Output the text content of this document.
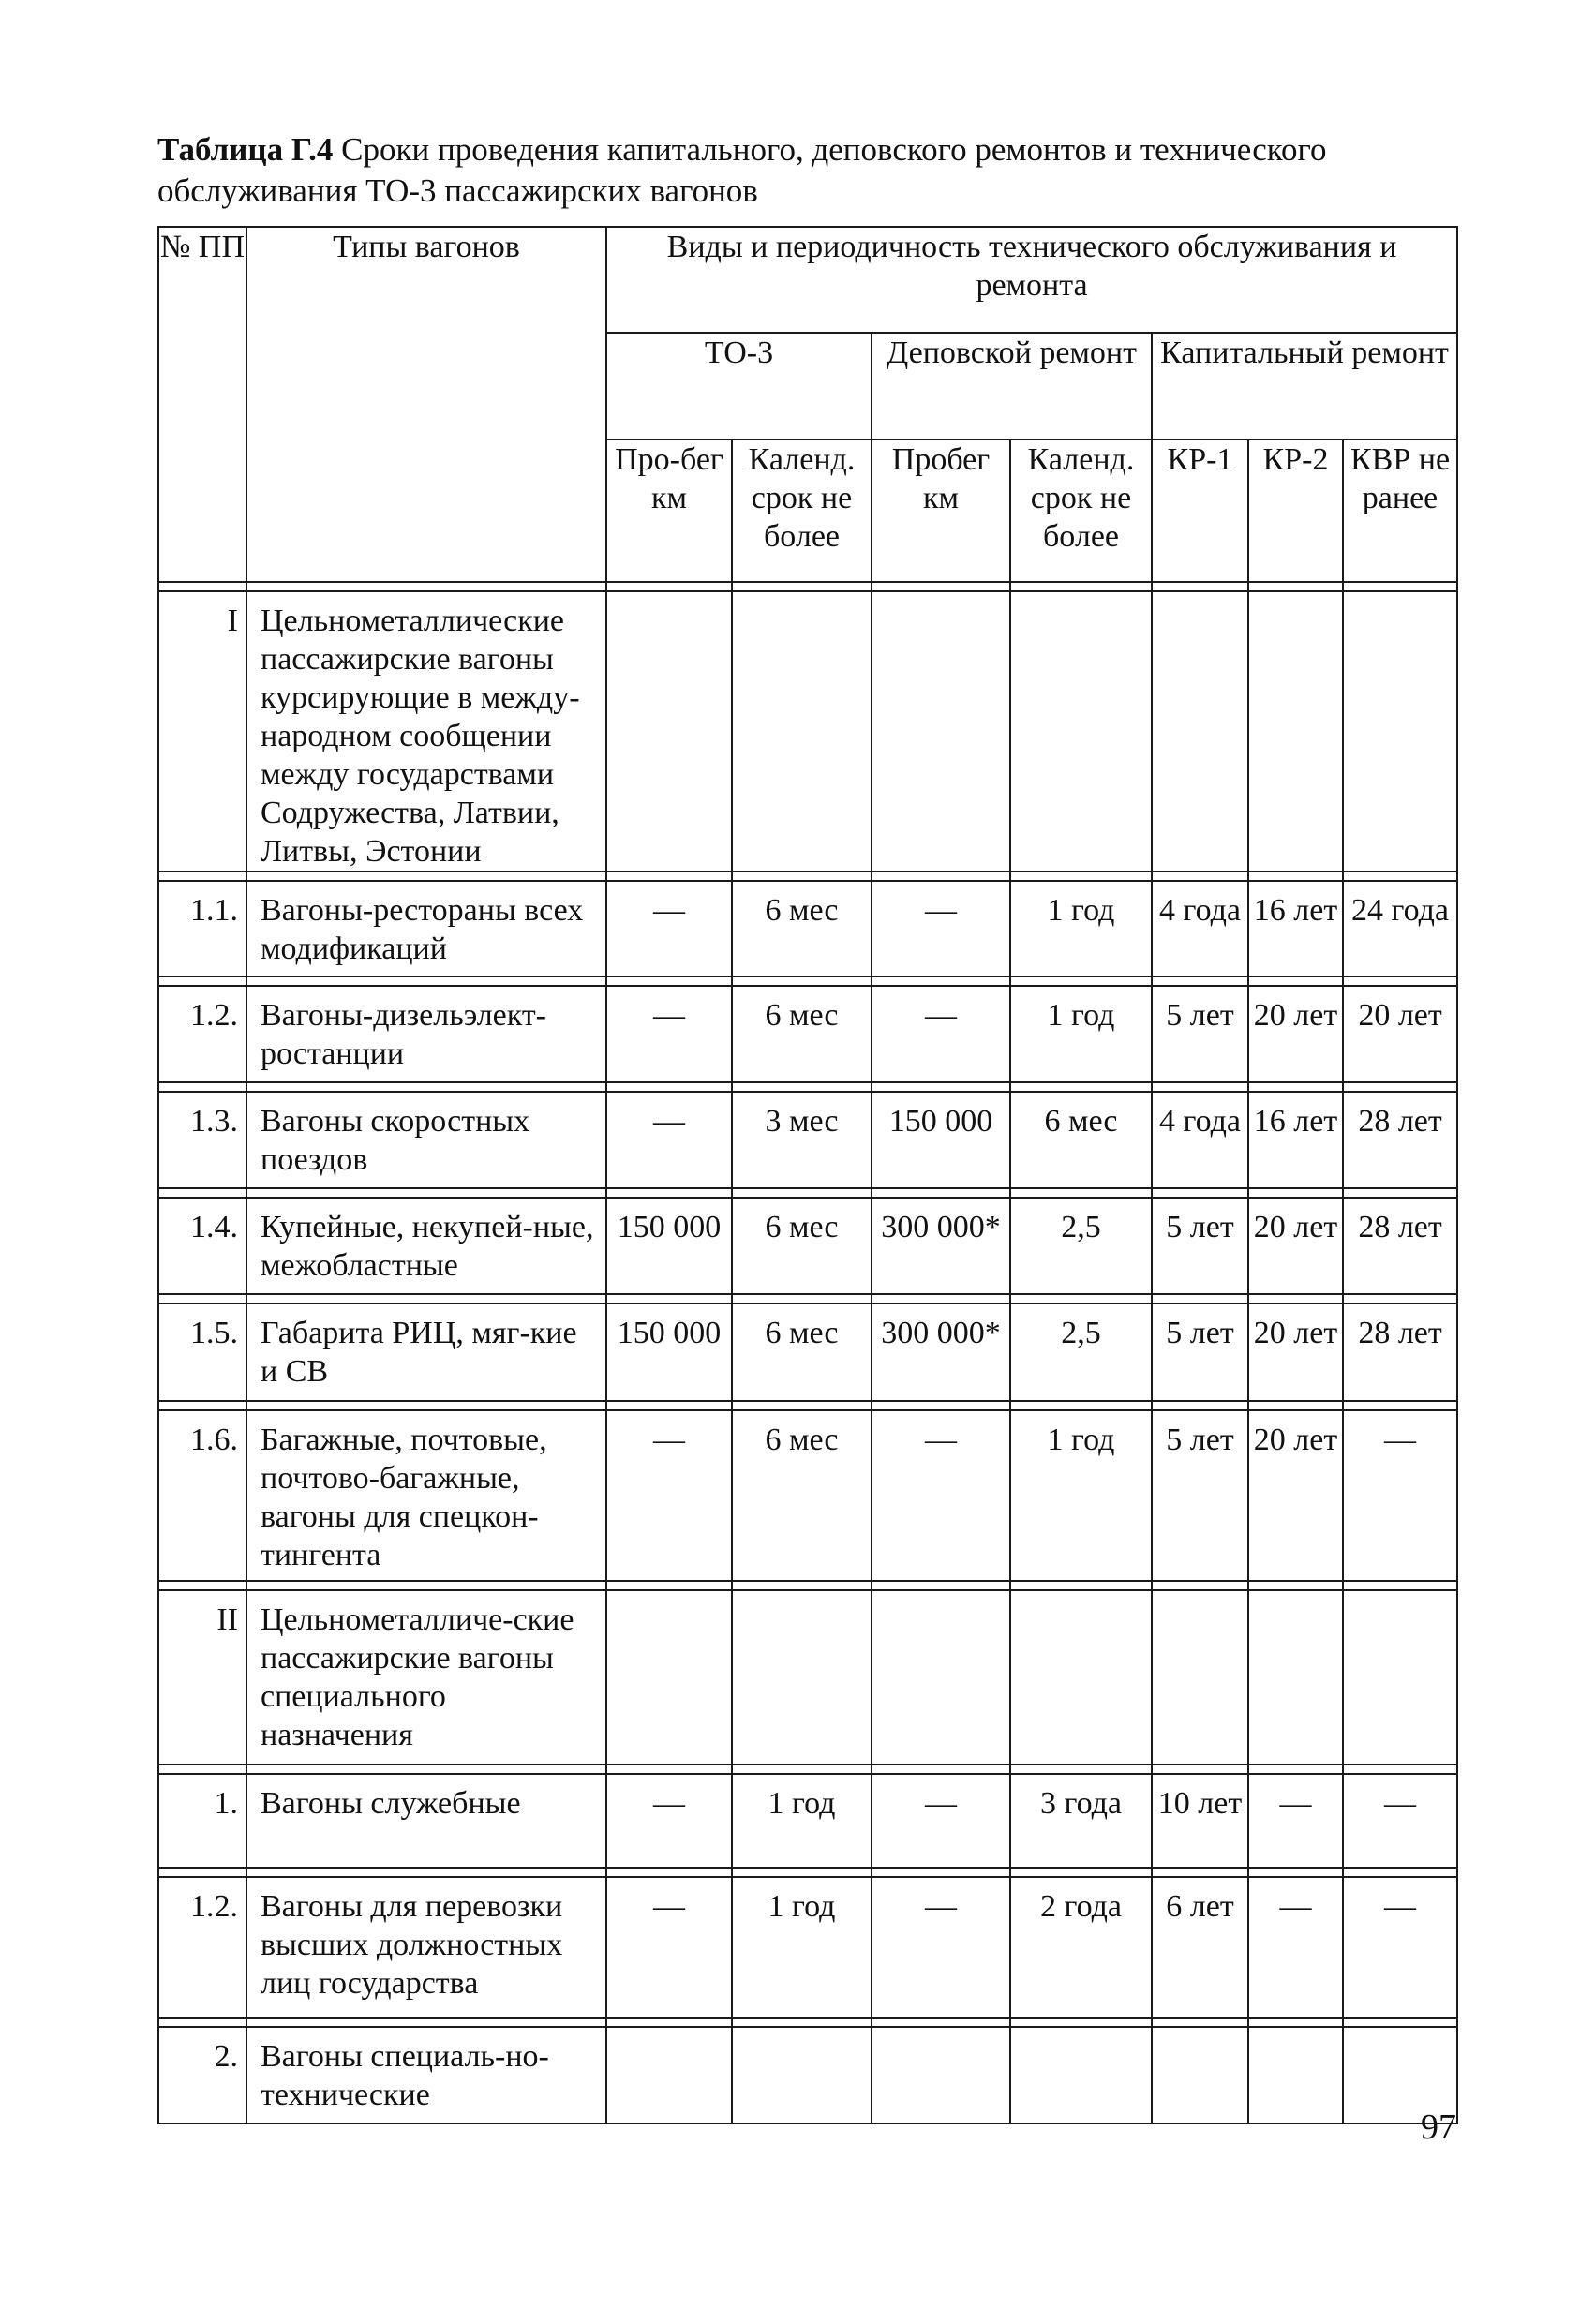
Таблица Г.4 Сроки проведения капитального, деповского ремонтов и технического обслуживания ТО-3 пассажирских вагонов
№ ПП	Типы вагонов	Виды и периодичность технического обслуживания и ремонта						
		ТО-3		Деповской ремонт		Капитальный ремонт		
		Про-бег км	Календ. срок не более	Пробег км	Календ. срок не более	КР-1	КР-2	КВР не ранее

I	Цельнометаллические пассажирские вагоны курсирующие в между-народном сообщении между государствами Содружества, Латвии, Литвы, Эстонии							

1.1.	Вагоны-рестораны всех модификаций	—	6 мес	—	1 год	4 года	16 лет	24 года

1.2.	Вагоны-дизельэлект-ростанции	—	6 мес	—	1 год	5 лет	20 лет	20 лет

1.3.	Вагоны скоростных поездов	—	3 мес	150 000	6 мес	4 года	16 лет	28 лет

1.4.	Купейные, некупей-ные, межобластные	150 000	6 мес	300 000*	2,5	5 лет	20 лет	28 лет

1.5.	Габарита РИЦ, мяг-кие и СВ	150 000	6 мес	300 000*	2,5	5 лет	20 лет	28 лет

1.6.	Багажные, почтовые, почтово-багажные, вагоны для спецкон-тингента	—	6 мес	—	1 год	5 лет	20 лет	—

II	Цельнометалличе-ские пассажирские вагоны специального назначения							

1.	Вагоны служебные	—	1 год	—	3 года	10 лет	—	—

1.2.	Вагоны для перевозки высших должностных лиц государства	—	1 год	—	2 года	6 лет	—	—

2.	Вагоны специаль-но-технические							
97
